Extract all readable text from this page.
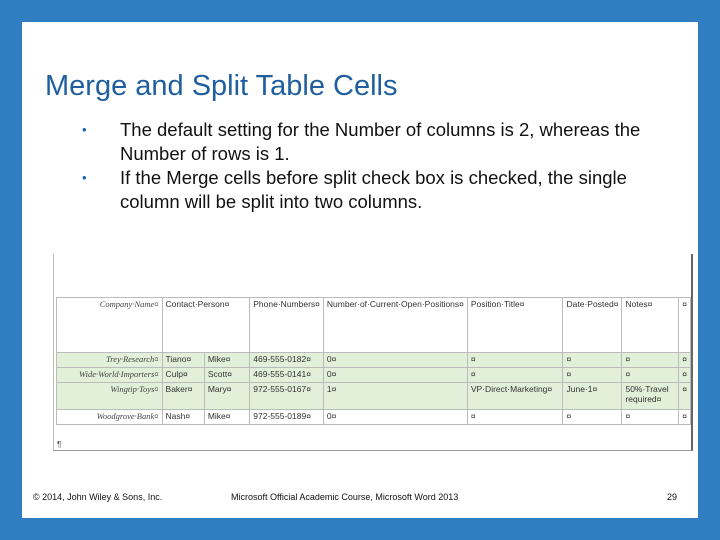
Merge and Split Table Cells
• The default setting for the Number of columns is 2, whereas the Number of rows is 1.
• If the Merge cells before split check box is checked, the single column will be split into two columns.
Company·Name¤	Contact·Person¤		Phone·Numbers¤	Number·of·Current·Open·Positions¤	Position·Title¤	Date·Posted¤	Notes¤	¤
Trey·Research¤	Tiano¤	Mike¤	469-555-0182¤	0¤	¤	¤	¤	¤
Wide·World·Importers¤	Culp¤	Scott¤	469-555-0141¤	0¤	¤	¤	¤	¤
Wingtip·Toys¤	Baker¤	Mary¤	972-555-0167¤	1¤	VP·Direct·Marketing¤	June·1¤	50%·Travel required¤	¤
Woodgrove·Bank¤	Nash¤	Mike¤	972-555-0189¤	0¤	¤	¤	¤	¤
¶
© 2014, John Wiley & Sons, Inc.	Microsoft Official Academic Course, Microsoft Word 2013	29
